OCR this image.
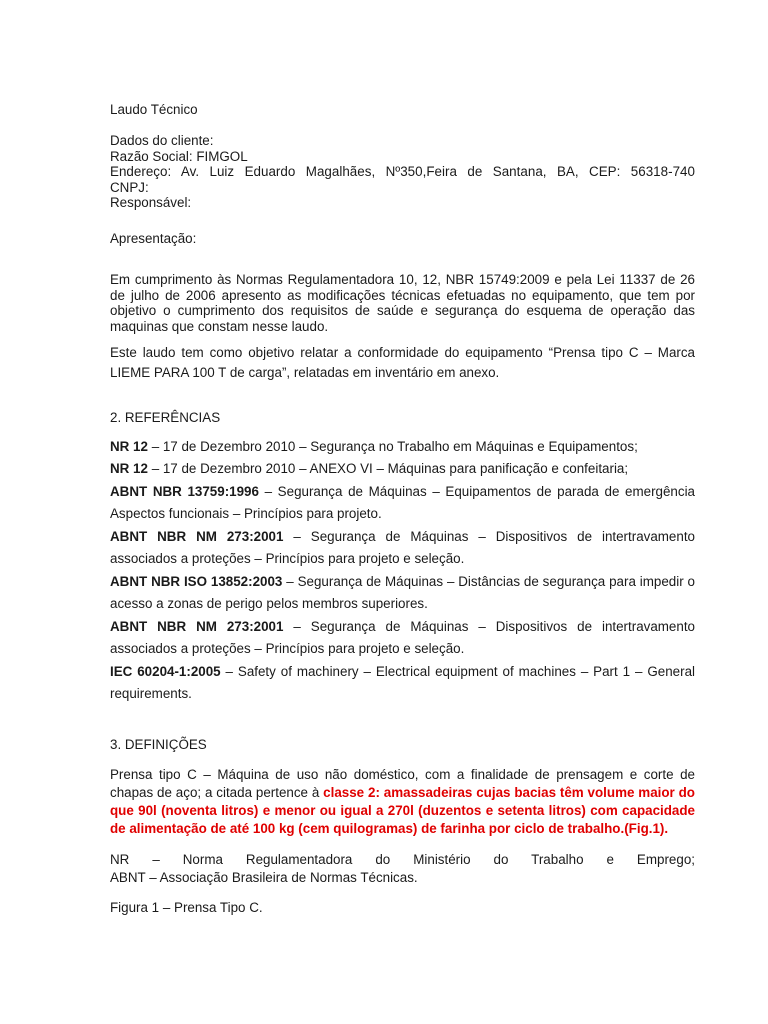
Laudo Técnico
Dados do cliente:
Razão Social: FIMGOL
Endereço: Av. Luiz Eduardo Magalhães, Nº350,Feira de Santana, BA, CEP: 56318-740
CNPJ:
Responsável:
Apresentação:

Em cumprimento às Normas Regulamentadora 10, 12, NBR 15749:2009 e pela Lei 11337 de 26 de julho de 2006 apresento as modificações técnicas efetuadas no equipamento, que tem por objetivo o cumprimento dos requisitos de saúde e segurança do esquema de operação das maquinas que constam nesse laudo.

Este laudo tem como objetivo relatar a conformidade do equipamento “Prensa tipo C – Marca LIEME PARA 100 T de carga”, relatadas em inventário em anexo.

2. REFERÊNCIAS

NR 12 – 17 de Dezembro 2010 – Segurança no Trabalho em Máquinas e Equipamentos;

NR 12 – 17 de Dezembro 2010 – ANEXO VI – Máquinas para panificação e confeitaria;

ABNT NBR 13759:1996 – Segurança de Máquinas – Equipamentos de parada de emergência Aspectos funcionais – Princípios para projeto.

ABNT NBR NM 273:2001 – Segurança de Máquinas – Dispositivos de intertravamento associados a proteções – Princípios para projeto e seleção.

ABNT NBR ISO 13852:2003 – Segurança de Máquinas – Distâncias de segurança para impedir o acesso a zonas de perigo pelos membros superiores.

ABNT NBR NM 273:2001 – Segurança de Máquinas – Dispositivos de intertravamento associados a proteções – Princípios para projeto e seleção.

IEC 60204-1:2005 – Safety of machinery – Electrical equipment of machines – Part 1 – General requirements.

3. DEFINIÇÕES

Prensa tipo C – Máquina de uso não doméstico, com a finalidade de prensagem e corte de chapas de aço; a citada pertence à classe 2: amassadeiras cujas bacias têm volume maior do que 90l (noventa litros) e menor ou igual a 270l (duzentos e setenta litros) com capacidade de alimentação de até 100 kg (cem quilogramas) de farinha por ciclo de trabalho.(Fig.1).

NR – Norma Regulamentadora do Ministério do Trabalho e Emprego;
ABNT – Associação Brasileira de Normas Técnicas.
Figura 1 – Prensa Tipo C.
